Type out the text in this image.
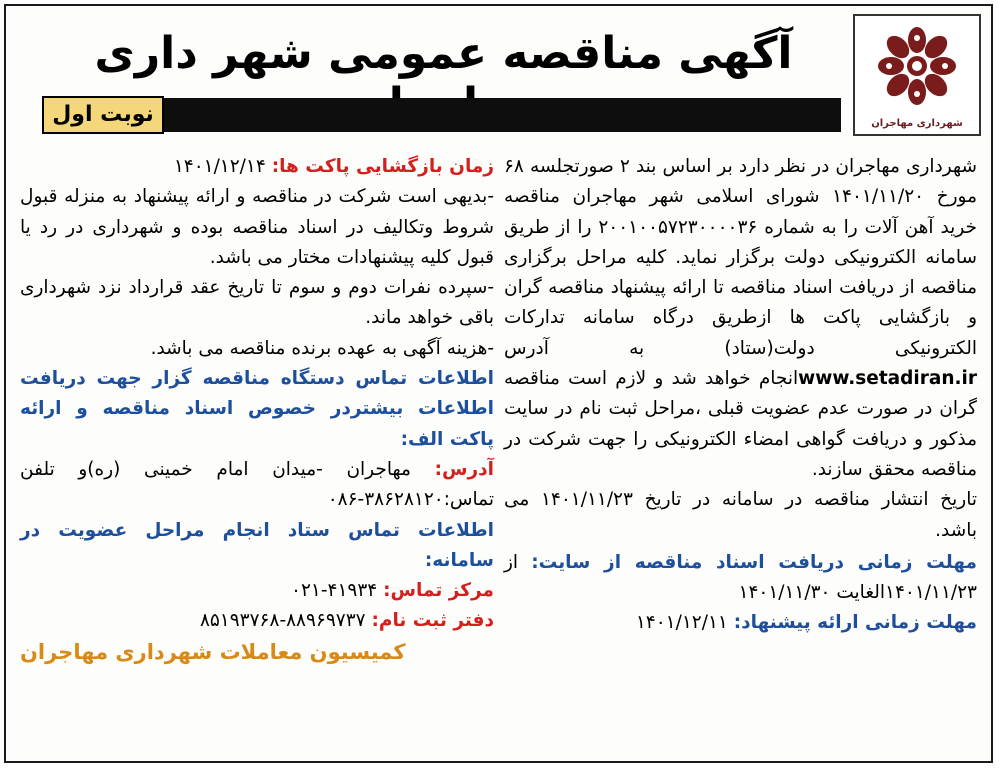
شهرداری مهاجران
آگهی مناقصه عمومی شهر داری
نوبت اول

شهرداری مهاجران در نظر دارد بر اساس بند ۲ صورتجلسه ۶۸ مورخ ۱۴۰۱/۱۱/۲۰ شورای اسلامی شهر مهاجران مناقصه خرید آهن آلات را به شماره ۲۰۰۱۰۰۵۷۲۳۰۰۰۰۳۶ را از طریق سامانه الکترونیکی دولت برگزار نماید. کلیه مراحل برگزاری مناقصه از دریافت اسناد مناقصه تا ارائه پیشنهاد مناقصه گران و بازگشایی پاکت ها ازطریق درگاه سامانه تدارکات الکترونیکی دولت(ستاد) به آدرس www.setadiran.irانجام خواهد شد و لازم است مناقصه گران در صورت عدم عضویت قبلی ،مراحل ثبت نام در سایت مذکور و دریافت گواهی امضاء الکترونیکی را جهت شرکت در مناقصه محقق سازند.

تاریخ انتشار مناقصه در سامانه در تاریخ ۱۴۰۱/۱۱/۲۳ می باشد.

مهلت زمانی دریافت اسناد مناقصه از سایت: از ۱۴۰۱/۱۱/۲۳الغایت ۱۴۰۱/۱۱/۳۰

مهلت زمانی ارائه پیشنهاد: ۱۴۰۱/۱۲/۱۱

زمان بازگشایی پاکت ها: ۱۴۰۱/۱۲/۱۴

-بدیهی است شرکت در مناقصه و ارائه پیشنهاد به منزله قبول شروط وتکالیف در اسناد مناقصه بوده و شهرداری در رد یا قبول کلیه پیشنهادات مختار می باشد.

-سپرده نفرات دوم و سوم تا تاریخ عقد قرارداد نزد شهرداری باقی خواهد ماند.

-هزینه آگهی به عهده برنده مناقصه می باشد.

اطلاعات تماس دستگاه مناقصه گزار جهت دریافت اطلاعات بیشتردر خصوص اسناد مناقصه و ارائه پاکت الف:

آدرس: مهاجران -میدان امام خمینی (ره)و تلفن تماس:۳۸۶۲۸۱۲۰-۰۸۶

اطلاعات تماس ستاد انجام مراحل عضویت در سامانه:

مرکز تماس: ۴۱۹۳۴-۰۲۱

دفتر ثبت نام: ۸۸۹۶۹۷۳۷-۸۵۱۹۳۷۶۸

کمیسیون معاملات شهرداری مهاجران
